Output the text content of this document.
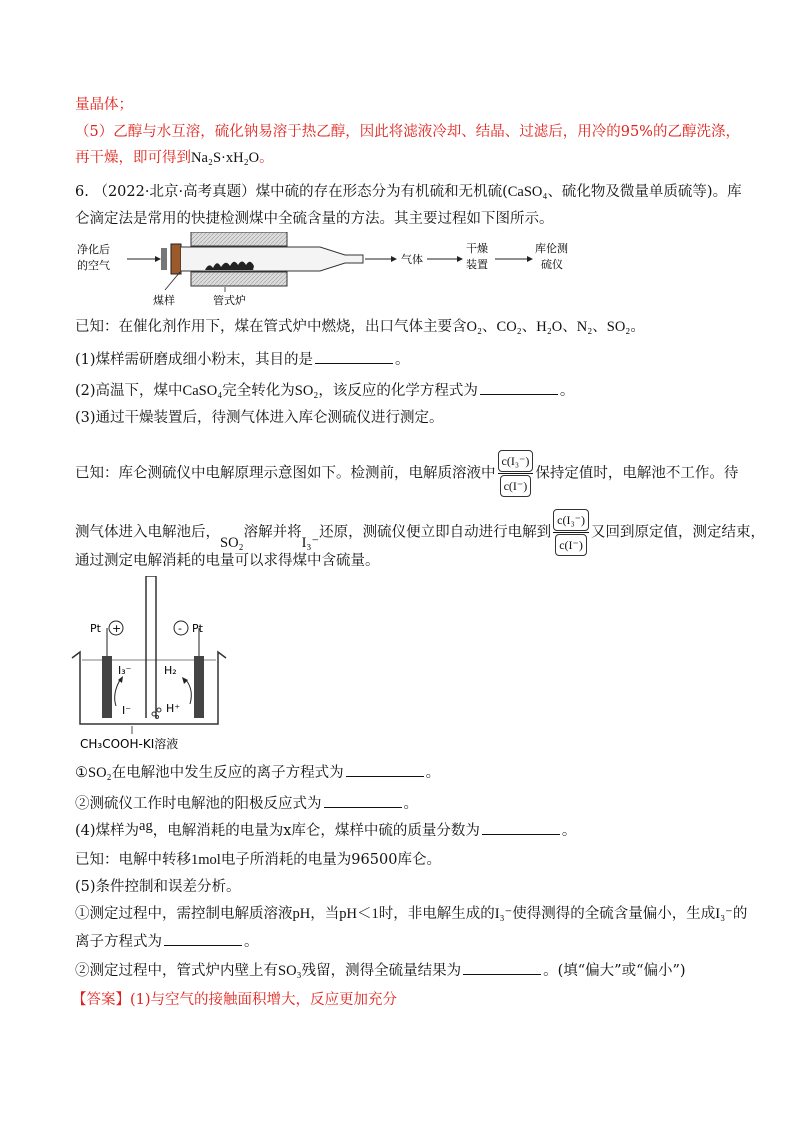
量晶体；
（5）乙醇与水互溶，硫化钠易溶于热乙醇，因此将滤液冷却、结晶、过滤后，用冷的95%的乙醇洗涤，
再干燥，即可得到Na₂S·xH₂O。
6. （2022·北京·高考真题）煤中硫的存在形态分为有机硫和无机硫(CaSO₄、硫化物及微量单质硫等)。库
仑滴定法是常用的快捷检测煤中全硫含量的方法。其主要过程如下图所示。
净化后
的空气
煤样	管式炉
气体
干燥
装置
库伦测
硫仪
已知：在催化剂作用下，煤在管式炉中燃烧，出口气体主要含O₂、CO₂、H₂O、N₂、SO₂。
(1)煤样需研磨成细小粉末，其目的是	。
(2)高温下，煤中CaSO₄完全转化为SO₂，该反应的化学方程式为	。
(3)通过干燥装置后，待测气体进入库仑测硫仪进行测定。
已知：库仑测硫仪中电解原理示意图如下。检测前，电解质溶液中 $\frac{\text{c(I₃⁻)}}{c(I^-)}$ 保持定值时，电解池不工作。待
测气体进入电解池后，SO₂溶解并将I₃⁻还原，测硫仪便立即自动进行电解到 $\frac{\text{c(I₃⁻)}}{c(I^-)}$ 又回到原定值，测定结束，
通过测定电解消耗的电量可以求得煤中含硫量。
Pt +	- Pt
I₃⁻
I⁻
H₂
H⁺
CH₃COOH-KI溶液
①SO₂在电解池中发生反应的离子方程式为	。
②测硫仪工作时电解池的阳极反应式为	。
(4)煤样为ag，电解消耗的电量为x库仑，煤样中硫的质量分数为	。
已知：电解中转移1mol电子所消耗的电量为96500库仑。
(5)条件控制和误差分析。
①测定过程中，需控制电解质溶液pH，当pH＜1时，非电解生成的I₃⁻使得测得的全硫含量偏小，生成I₃⁻的
离子方程式为	。
②测定过程中，管式炉内壁上有SO₃残留，测得全硫量结果为	。(填“偏大”或“偏小”)
【答案】(1)与空气的接触面积增大，反应更加充分
